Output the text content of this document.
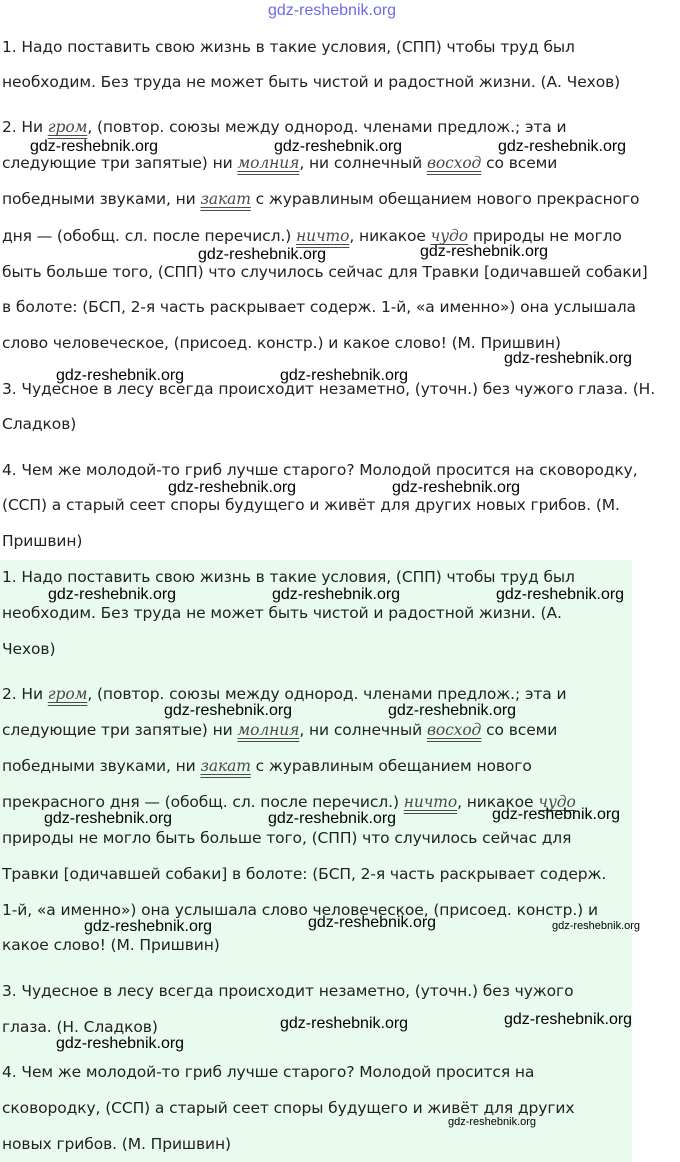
1. Надо поставить свою жизнь в такие условия, (СПП) чтобы труд был
необходим. Без труда не может быть чистой и радостной жизни. (А. Чехов)
2. Ни гром, (повтор. союзы между однород. членами предлож.; эта и
следующие три запятые) ни молния, ни солнечный восход со всеми
победными звуками, ни закат с журавлиным обещанием нового прекрасного
дня — (обобщ. сл. после перечисл.) ничто, никакое чудо природы не могло
быть больше того, (СПП) что случилось сейчас для Травки [одичавшей собаки]
в болоте: (БСП, 2-я часть раскрывает содерж. 1-й, «а именно») она услышала
слово человеческое, (присоед. констр.) и какое слово! (М. Пришвин)
3. Чудесное в лесу всегда происходит незаметно, (уточн.) без чужого глаза. (Н.
Сладков)
4. Чем же молодой-то гриб лучше старого? Молодой просится на сковородку,
(ССП) а старый сеет споры будущего и живёт для других новых грибов. (М.
Пришвин)
1. Надо поставить свою жизнь в такие условия, (СПП) чтобы труд был
необходим. Без труда не может быть чистой и радостной жизни. (А.
Чехов)
2. Ни гром, (повтор. союзы между однород. членами предлож.; эта и
следующие три запятые) ни молния, ни солнечный восход со всеми
победными звуками, ни закат с журавлиным обещанием нового
прекрасного дня — (обобщ. сл. после перечисл.) ничто, никакое чудо
природы не могло быть больше того, (СПП) что случилось сейчас для
Травки [одичавшей собаки] в болоте: (БСП, 2-я часть раскрывает содерж.
1-й, «а именно») она услышала слово человеческое, (присоед. констр.) и
какое слово! (М. Пришвин)
3. Чудесное в лесу всегда происходит незаметно, (уточн.) без чужого
глаза. (Н. Сладков)
4. Чем же молодой-то гриб лучше старого? Молодой просится на
сковородку, (ССП) а старый сеет споры будущего и живёт для других
новых грибов. (М. Пришвин)
gdz-reshebnik.org
gdz-reshebnik.org	gdz-reshebnik.org	gdz-reshebnik.org
gdz-reshebnik.org	gdz-reshebnik.org
gdz-reshebnik.org
gdz-reshebnik.org	gdz-reshebnik.org
gdz-reshebnik.org	gdz-reshebnik.org
gdz-reshebnik.org	gdz-reshebnik.org	gdz-reshebnik.org
gdz-reshebnik.org	gdz-reshebnik.org
gdz-reshebnik.org	gdz-reshebnik.org	gdz-reshebnik.org
gdz-reshebnik.org	gdz-reshebnik.org	gdz-reshebnik.org
gdz-reshebnik.org	gdz-reshebnik.org
gdz-reshebnik.org
gdz-reshebnik.org
